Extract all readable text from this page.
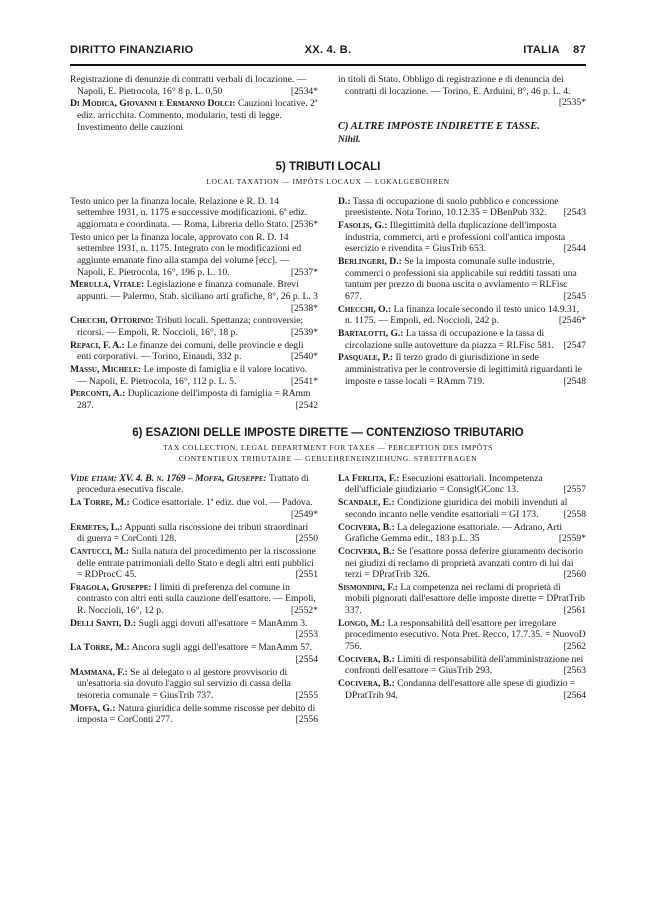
DIRITTO FINANZIARIO	XX. 4. B.	ITALIA 87

Registrazione di denunzie di contratti verbali di locazione. — Napoli, E. Pietrocola, 16° 8 p. L. 0,50	[2534*

Di Modica, Giovanni e Ermanno Dolci: Cauzioni locative. 2ª ediz. arricchita. Commento, modulario, testi di legge. Investimento delle cauzioni

in titoli di Stato. Obbligo di registrazione e di denuncia dei contratti di locazione. — Torino, E. Arduini, 8°, 46 p. L. 4.
[2535*

C) ALTRE IMPOSTE INDIRETTE E TASSE.
Nihil.
5) TRIBUTI LOCALI
LOCAL TAXATION — IMPÔTS LOCAUX — LOKALGEBÜHREN

Testo unico per la finanza locale. Relazione e R. D. 14 settembre 1931, n. 1175 e successive modificazioni. 6ª ediz. aggiornata e coordinata. — Roma, Libreria dello Stato. [2536*

Testo unico per la finanza locale, approvato con R. D. 14 settembre 1931, n. 1175. Integrato con le modificazioni ed aggiunte emanate fino alla stampa del volume [ecc]. — Napoli, E. Pietrocola, 16°, 196 p. L. 10.	[2537*

Merulla, Vitale: Legislazione e finanza comunale. Brevi appunti. — Palermo, Stab. siciliano arti grafiche, 8°, 26 p. L. 3
[2538*

Checchi, Ottorino: Tributi locali. Spettanza; controversie; ricorsi. — Empoli, R. Noccioli, 16°, 18 p.	[2539*

Repaci, F. A.: Le finanze dei comuni, delle provincie e degli enti corporativi. — Torino, Einaudi, 332 p.	[2540*

Massu, Michele: Le imposte di famiglia e il valore locativo. — Napoli, E. Pietrocola, 16°, 112 p. L. 5.	[2541*

Perconti, A.: Duplicazione dell'imposta di famiglia = RAmm 287.	[2542

D.: Tassa di occupazione di suolo pubblico e concessione preesistente. Nota Torino, 10.12.35 = DBenPub 332. [2543

Fasolis, G.: Illegittimità della duplicazione dell'imposta industria, commerci, arti e professioni coll'antica imposta esercizio e rivendita = GiusTrib 653.	[2544

Berlingeri, D.: Se la imposta comunale sulle industrie, commerci o professioni sia applicabile sui redditi tassati una tantum per prezzo di buona uscita o avviamento = RLFisc 677.	[2545

Checchi, O.: La finanza locale secondo il testo unico 14.9.31, n. 1175. — Empoli, ed. Noccioli, 242 p.	[2546*

Bartalotti, G.: La tassa di occupazione e la tassa di circolazione sulle autovetture da piazza = RLFisc 581. [2547

Pasquale, P.: Il terzo grado di giurisdizione in sede amministrativa per le controversie di legittimità riguardanti le imposte e tasse locali = RAmm 719.	[2548

6) ESAZIONI DELLE IMPOSTE DIRETTE — CONTENZIOSO TRIBUTARIO
TAX COLLECTION, LEGAL DEPARTMENT FOR TAXES — PERCEPTION DES IMPÔTS
CONTENTIEUX TRIBUTAIRE — GEBUEHRENEINZIEHUNG. STREITFRAGEN

Vide etiam: XV. 4. B. n. 1769 – Moffa, Giuseppe: Trattato di procedura esecutiva fiscale.

La Torre, M.: Codice esattoriale. 1ª ediz. due vol. — Padova.
[2549*

Ermetes, L.: Appunti sulla riscossione dei tributi straordinari di guerra = CorConti 128.	[2550

Cantucci, M.: Sulla natura del procedimento per la riscossione delle entrate patrimoniali dello Stato e degli altri enti pubblici = RDProcC 45.	[2551

Fragola, Giuseppe: I limiti di preferenza del comune in contrasto con altri enti sulla cauzione dell'esattore. — Empoli, R. Noccioli, 16°, 12 p.	[2552*

Delli Santi, D.: Sugli aggi dovuti all'esattore = ManAmm 3.
[2553

La Torre, M.: Ancora sugli aggi dell'esattore = ManAmm 57.
[2554

Mammana, F.: Se al delegato o al gestore provvisorio di un'esattoria sia dovuto l'aggio sul servizio di cassa della tesoreria comunale = GiusTrib 737.	[2555

Moffa, G.: Natura giuridica delle somme riscosse per debito di imposta = CorConti 277.	[2556

La Ferlita, F.: Esecuzioni esattoriali. Incompetenza dell'ufficiale giudiziario = ConsiglGConc 13.	[2557

Scandale, E.: Condizione giuridica dei mobili invenduti al secondo incanto nelle vendite esattoriali = GI 173.	[2558

Cocivera, B.: La delegazione esattoriale. — Adrano, Arti Grafiche Gemma edit., 183 p.L. 35	[2559*

Cocivera, B.: Se l'esattore possa deferire giuramento decisorio nei giudizi di reclamo di proprietà avanzati contro di lui dai terzi = DPratTrib 326.	[2560

Sismondini, F.: La competenza nei reclami di proprietà di mobili pignorati dall'esattore delle imposte dirette = DPratTrib 337.	[2561

Longo, M.: La responsabilità dell'esattore per irregolare procedimento esecutivo. Nota Pret. Recco, 17.7.35. = NuovoD 756.	[2562

Cocivera, B.: Limiti di responsabilità dell'amministrazione nei confronti dell'esattore = GiusTrib 293.	[2563

Cocivera, B.: Condanna dell'esattore alle spese di giudizio = DPratTrib 94.	[2564
